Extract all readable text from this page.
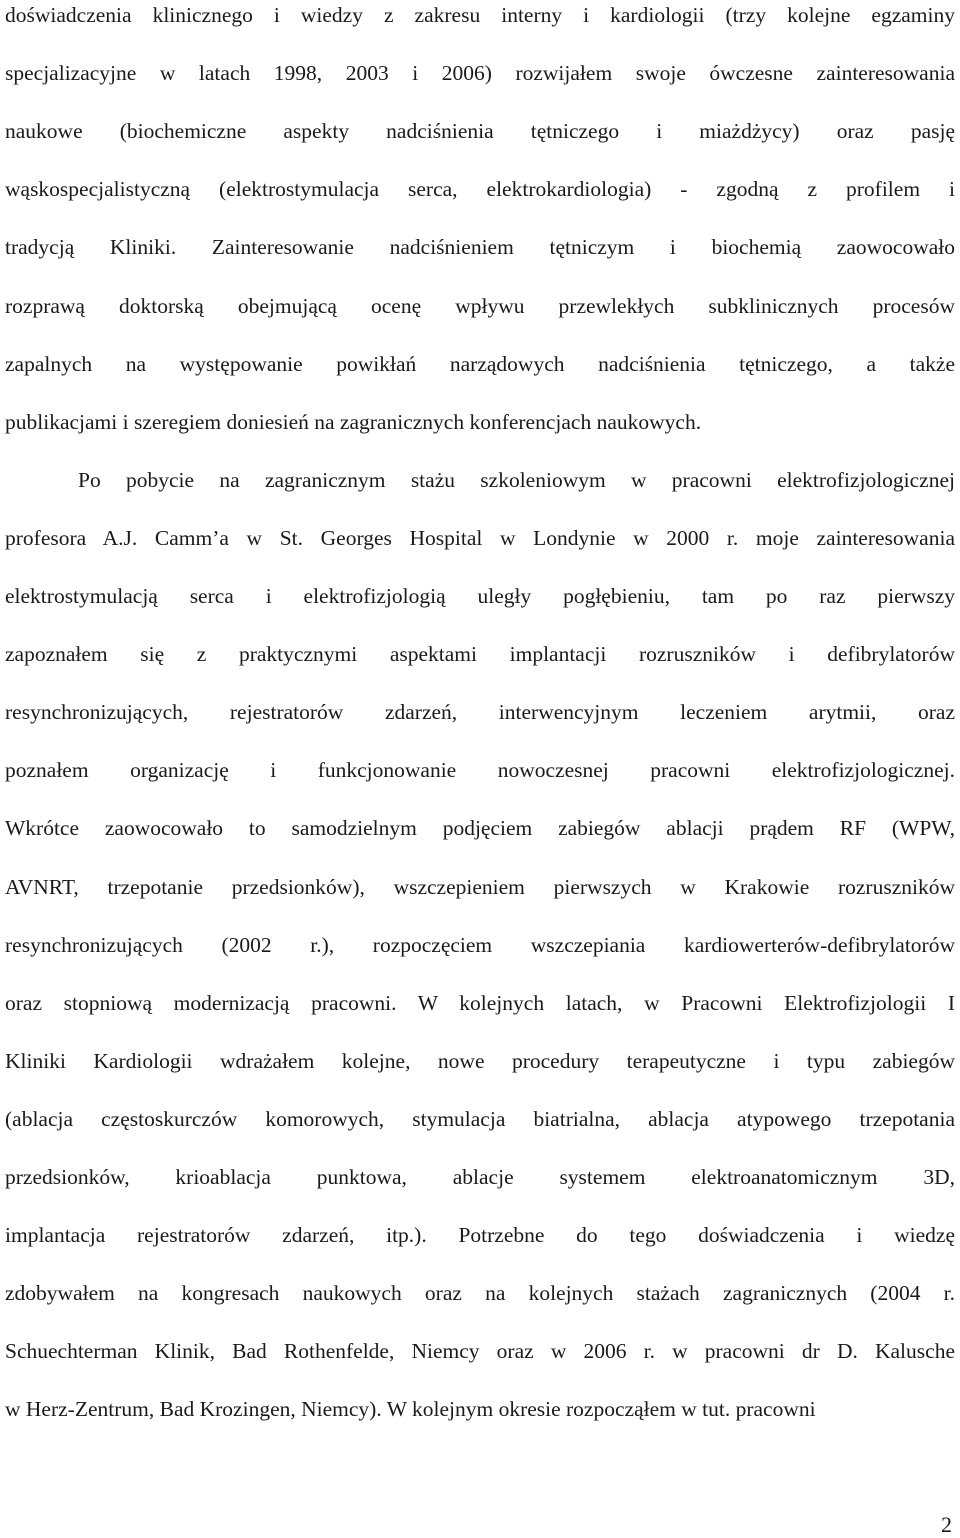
doświadczenia klinicznego i wiedzy z zakresu interny i kardiologii (trzy kolejne egzaminy
specjalizacyjne w latach 1998, 2003 i 2006) rozwijałem swoje ówczesne zainteresowania
naukowe (biochemiczne aspekty nadciśnienia tętniczego i miażdżycy) oraz pasję
wąskospecjalistyczną (elektrostymulacja serca, elektrokardiologia) - zgodną z profilem i
tradycją Kliniki. Zainteresowanie nadciśnieniem tętniczym i biochemią zaowocowało
rozprawą doktorską obejmującą ocenę wpływu przewlekłych subklinicznych procesów
zapalnych na występowanie powikłań narządowych nadciśnienia tętniczego, a także
publikacjami i szeregiem doniesień na zagranicznych konferencjach naukowych.
Po pobycie na zagranicznym stażu szkoleniowym w pracowni elektrofizjologicznej
profesora A.J. Camm’a w St. Georges Hospital w Londynie w 2000 r. moje zainteresowania
elektrostymulacją serca i elektrofizjologią uległy pogłębieniu, tam po raz pierwszy
zapoznałem się z praktycznymi aspektami implantacji rozruszników i defibrylatorów
resynchronizujących, rejestratorów zdarzeń, interwencyjnym leczeniem arytmii, oraz
poznałem organizację i funkcjonowanie nowoczesnej pracowni elektrofizjologicznej.
Wkrótce zaowocowało to samodzielnym podjęciem zabiegów ablacji prądem RF (WPW,
AVNRT, trzepotanie przedsionków), wszczepieniem pierwszych w Krakowie rozruszników
resynchronizujących (2002 r.), rozpoczęciem wszczepiania kardiowerterów-defibrylatorów
oraz stopniową modernizacją pracowni. W kolejnych latach, w Pracowni Elektrofizjologii I
Kliniki Kardiologii wdrażałem kolejne, nowe procedury terapeutyczne i typu zabiegów
(ablacja częstoskurczów komorowych, stymulacja biatrialna, ablacja atypowego trzepotania
przedsionków, krioablacja punktowa, ablacje systemem elektroanatomicznym 3D,
implantacja rejestratorów zdarzeń, itp.). Potrzebne do tego doświadczenia i wiedzę
zdobywałem na kongresach naukowych oraz na kolejnych stażach zagranicznych (2004 r.
Schuechterman Klinik, Bad Rothenfelde, Niemcy oraz w 2006 r. w pracowni dr D. Kalusche
w Herz-Zentrum, Bad Krozingen, Niemcy). W kolejnym okresie rozpocząłem w tut. pracowni
2
